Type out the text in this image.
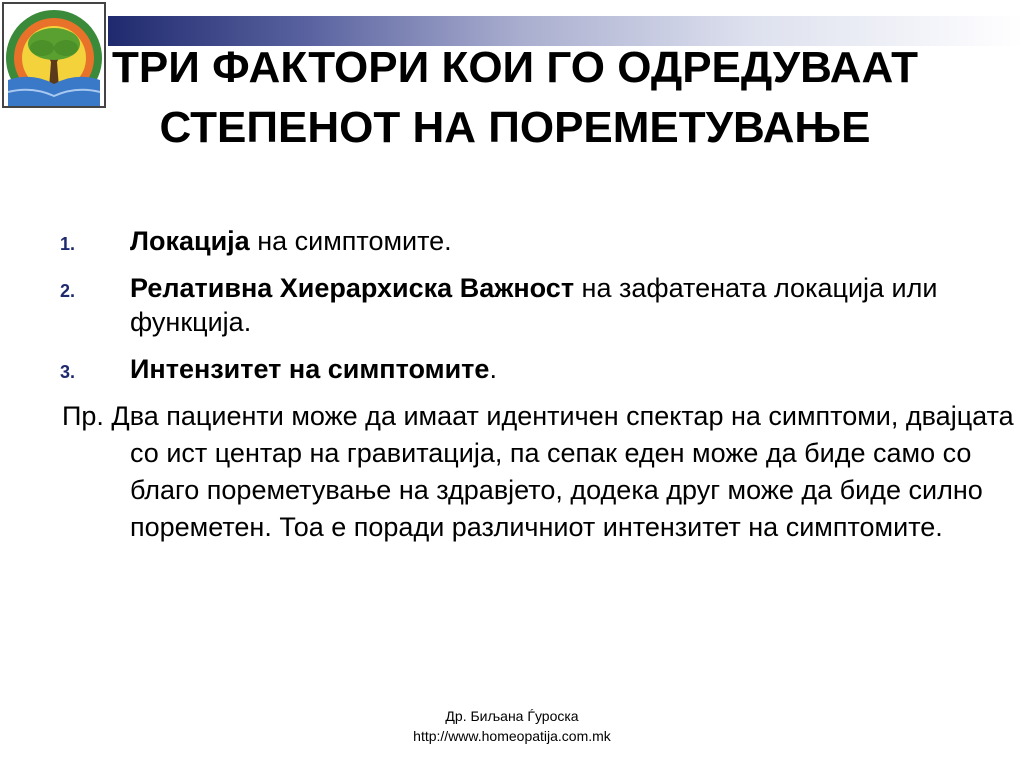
ТРИ ФАКТОРИ КОИ ГО ОДРЕДУВААТ СТЕПЕНОТ НА ПОРЕМЕТУВАЊЕ
1. Локација на симптомите.
2. Релативна Хиерархиска Важност на зафатената локација или функција.
3. Интензитет на симптомите.

Пр. Два пациенти може да имаат идентичен спектар на симптоми, двајцата со ист центар на гравитација, па сепак еден може да биде само со благо пореметување на здравјето, додека друг може да биде силно пореметен. Тоа е поради различниот интензитет на симптомите.

Др. Биљана Ѓуроска
http://www.homeopatija.com.mk
